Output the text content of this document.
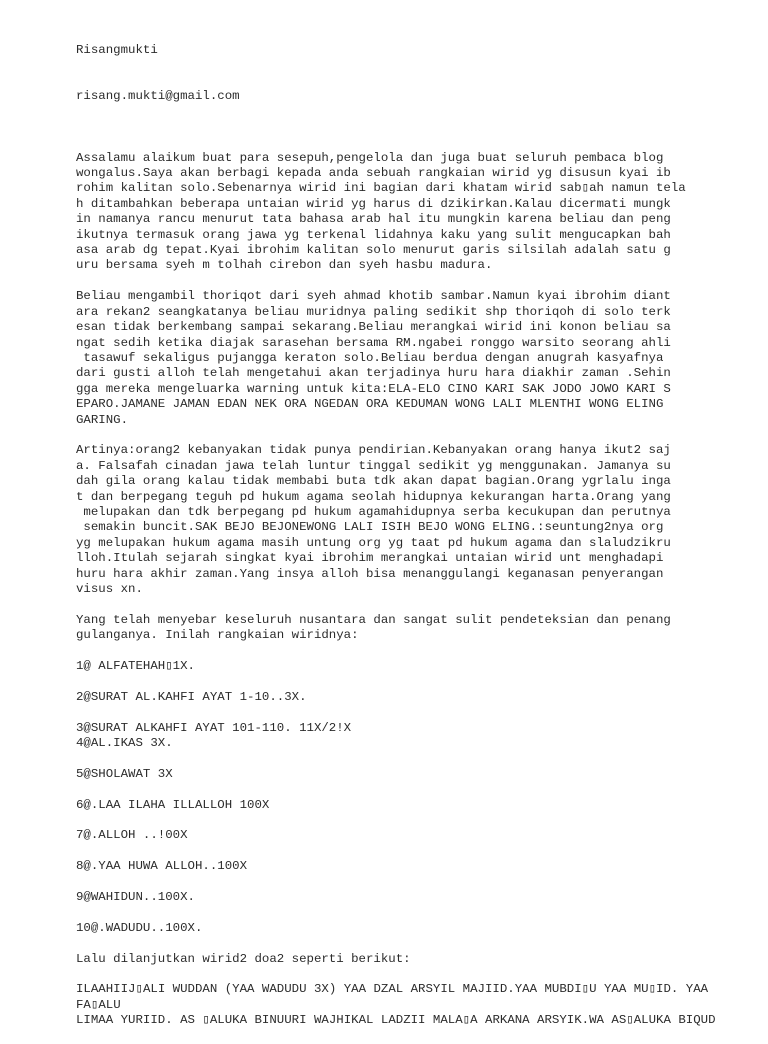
Risangmukti

risang.mukti@gmail.com

Assalamu alaikum buat para sesepuh,pengelola dan juga buat seluruh pembaca blog
wongalus.Saya akan berbagi kepada anda sebuah rangkaian wirid yg disusun kyai ib
rohim kalitan solo.Sebenarnya wirid ini bagian dari khatam wirid sab▯ah namun tela
h ditambahkan beberapa untaian wirid yg harus di dzikirkan.Kalau dicermati mungk
in namanya rancu menurut tata bahasa arab hal itu mungkin karena beliau dan peng
ikutnya termasuk orang jawa yg terkenal lidahnya kaku yang sulit mengucapkan bah
asa arab dg tepat.Kyai ibrohim kalitan solo menurut garis silsilah adalah satu g
uru bersama syeh m tolhah cirebon dan syeh hasbu madura.
Beliau mengambil thoriqot dari syeh ahmad khotib sambar.Namun kyai ibrohim diant
ara rekan2 seangkatanya beliau muridnya paling sedikit shp thoriqoh di solo terk
esan tidak berkembang sampai sekarang.Beliau merangkai wirid ini konon beliau sa
ngat sedih ketika diajak sarasehan bersama RM.ngabei ronggo warsito seorang ahli
tasawuf sekaligus pujangga keraton solo.Beliau berdua dengan anugrah kasyafnya
dari gusti alloh telah mengetahui akan terjadinya huru hara diakhir zaman .Sehin
gga mereka mengeluarka warning untuk kita:ELA-ELO CINO KARI SAK JODO JOWO KARI S
EPARO.JAMANE JAMAN EDAN NEK ORA NGEDAN ORA KEDUMAN WONG LALI MLENTHI WONG ELING
GARING.
Artinya:orang2 kebanyakan tidak punya pendirian.Kebanyakan orang hanya ikut2 saj
a. Falsafah cinadan jawa telah luntur tinggal sedikit yg menggunakan. Jamanya su
dah gila orang kalau tidak membabi buta tdk akan dapat bagian.Orang ygrlalu inga
t dan berpegang teguh pd hukum agama seolah hidupnya kekurangan harta.Orang yang
melupakan dan tdk berpegang pd hukum agamahidupnya serba kecukupan dan perutnya
semakin buncit.SAK BEJO BEJONEWONG LALI ISIH BEJO WONG ELING.:seuntung2nya org
yg melupakan hukum agama masih untung org yg taat pd hukum agama dan slaludzikru
lloh.Itulah sejarah singkat kyai ibrohim merangkai untaian wirid unt menghadapi
huru hara akhir zaman.Yang insya alloh bisa menanggulangi keganasan penyerangan
visus xn.
Yang telah menyebar keseluruh nusantara dan sangat sulit pendeteksian dan penang
gulanganya. Inilah rangkaian wiridnya:
1@ ALFATEHAH▯1X.
2@SURAT AL.KAHFI AYAT 1-10..3X.
3@SURAT ALKAHFI AYAT 101-110. 11X/2!X
4@AL.IKAS 3X.
5@SHOLAWAT 3X
6@.LAA ILAHA ILLALLOH 100X
7@.ALLOH ..!00X
8@.YAA HUWA ALLOH..100X
9@WAHIDUN..100X.
10@.WADUDU..100X.
Lalu dilanjutkan wirid2 doa2 seperti berikut:
ILAAHIIJ▯ALI WUDDAN (YAA WADUDU 3X) YAA DZAL ARSYIL MAJIID.YAA MUBDI▯U YAA MU▯ID. YAA
FA▯ALU
LIMAA YURIID. AS ▯ALUKA BINUURI WAJHIKAL LADZII MALA▯A ARKANA ARSYIK.WA AS▯ALUKA BIQUD
